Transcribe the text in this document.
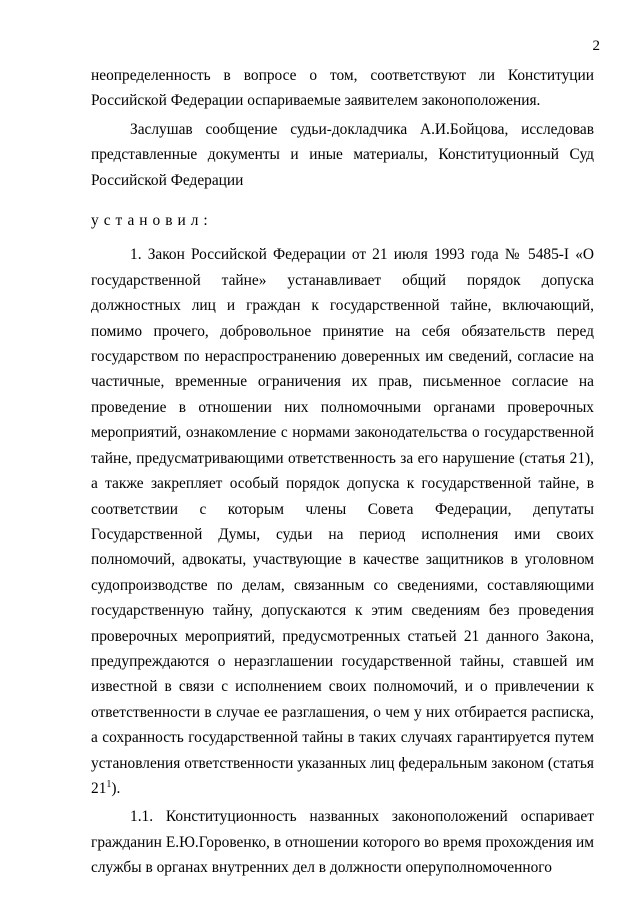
2

неопределенность в вопросе о том, соответствуют ли Конституции Российской Федерации оспариваемые заявителем законоположения.

Заслушав сообщение судьи-докладчика А.И.Бойцова, исследовав представленные документы и иные материалы, Конституционный Суд Российской Федерации

установил:

1. Закон Российской Федерации от 21 июля 1993 года № 5485-I «О государственной тайне» устанавливает общий порядок допуска должностных лиц и граждан к государственной тайне, включающий, помимо прочего, добровольное принятие на себя обязательств перед государством по нераспространению доверенных им сведений, согласие на частичные, временные ограничения их прав, письменное согласие на проведение в отношении них полномочными органами проверочных мероприятий, ознакомление с нормами законодательства о государственной тайне, предусматривающими ответственность за его нарушение (статья 21), а также закрепляет особый порядок допуска к государственной тайне, в соответствии с которым члены Совета Федерации, депутаты Государственной Думы, судьи на период исполнения ими своих полномочий, адвокаты, участвующие в качестве защитников в уголовном судопроизводстве по делам, связанным со сведениями, составляющими государственную тайну, допускаются к этим сведениям без проведения проверочных мероприятий, предусмотренных статьей 21 данного Закона, предупреждаются о неразглашении государственной тайны, ставшей им известной в связи с исполнением своих полномочий, и о привлечении к ответственности в случае ее разглашения, о чем у них отбирается расписка, а сохранность государственной тайны в таких случаях гарантируется путем установления ответственности указанных лиц федеральным законом (статья 21$^1$).

1.1. Конституционность названных законоположений оспаривает гражданин Е.Ю.Горовенко, в отношении которого во время прохождения им службы в органах внутренних дел в должности оперуполномоченного
